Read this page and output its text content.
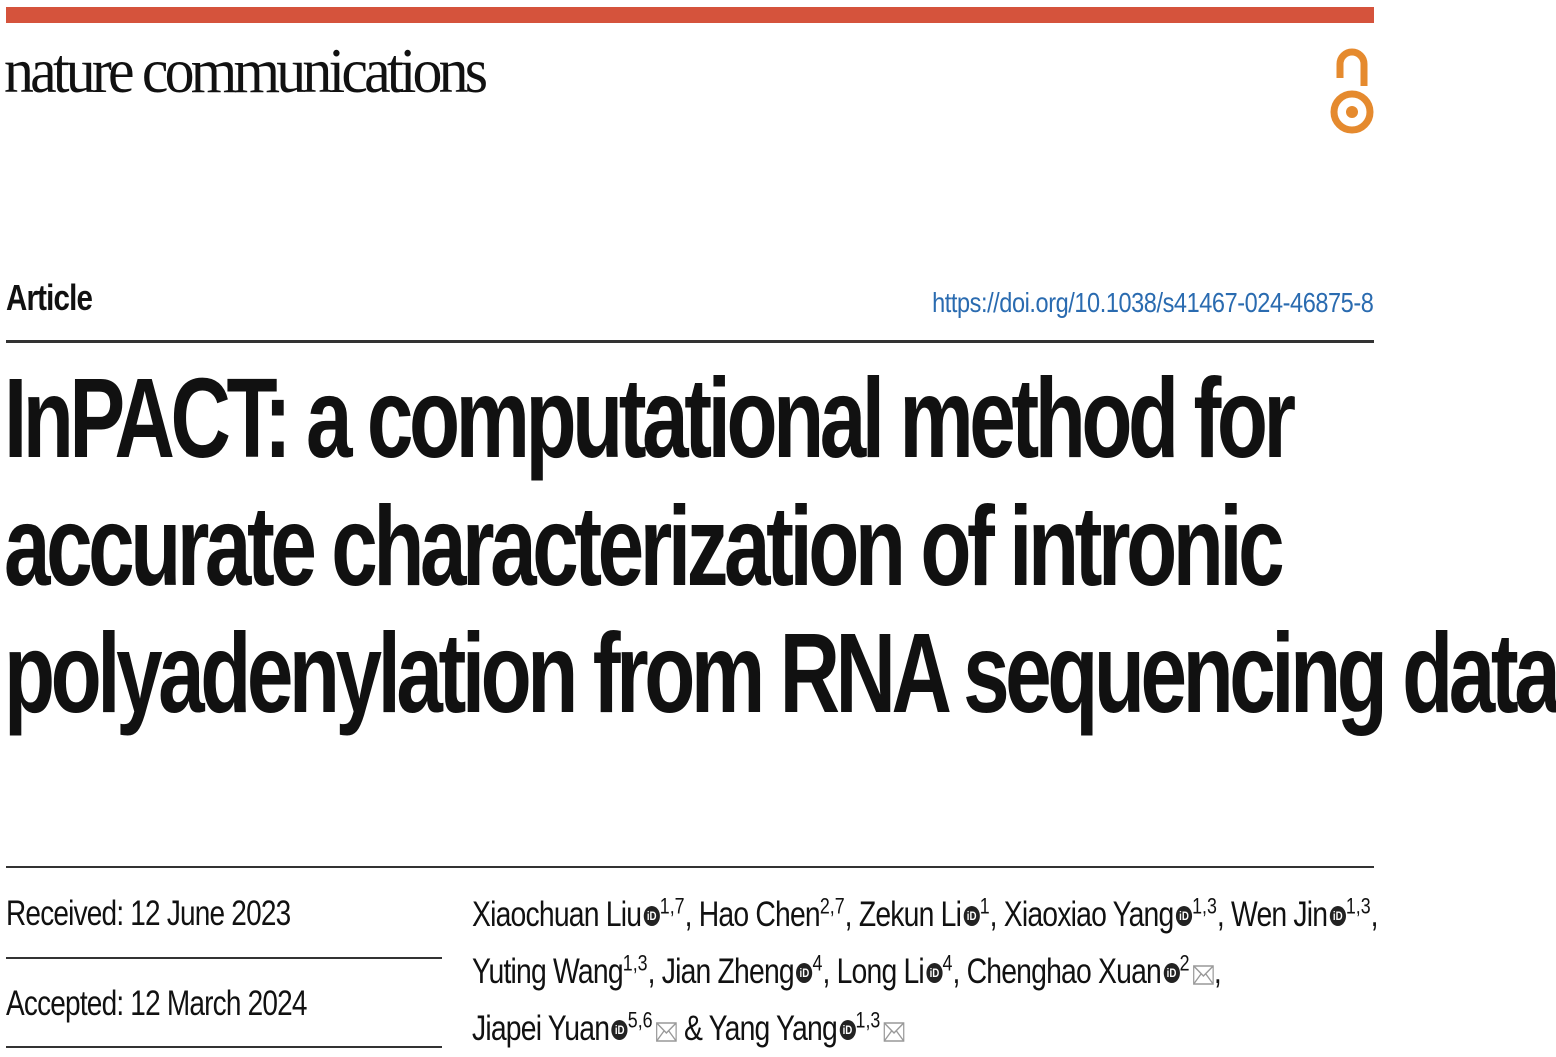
nature communications
Article	https://doi.org/10.1038/s41467-024-46875-8
InPACT: a computational method for
accurate characterization of intronic
polyadenylation from RNA sequencing data
Received: 12 June 2023
Accepted: 12 March 2024
Xiaochuan Liu iD $^{1,7}$, Hao Chen$^{2,7}$, Zekun Li iD $^1$, Xiaoxiao Yang iD $^{1,3}$, Wen Jin iD $^{1,3}$,
Yuting Wang$^{1,3}$, Jian Zheng iD $^4$, Long Li iD $^4$, Chenghao Xuan iD $^2$ ,
Jiapei Yuan iD $^{5,6}$ & Yang Yang iD $^{1,3}$
